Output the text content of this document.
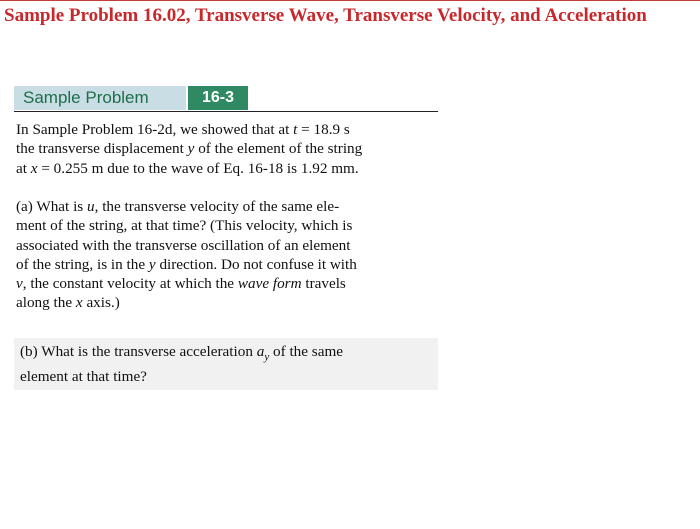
Sample Problem 16.02, Transverse Wave, Transverse Velocity, and Acceleration
Sample Problem	16-3
In Sample Problem 16-2d, we showed that at t = 18.9 s
the transverse displacement y of the element of the string
at x = 0.255 m due to the wave of Eq. 16-18 is 1.92 mm.
(a) What is u, the transverse velocity of the same ele-
ment of the string, at that time? (This velocity, which is
associated with the transverse oscillation of an element
of the string, is in the y direction. Do not confuse it with
v, the constant velocity at which the wave form travels
along the x axis.)
(b) What is the transverse acceleration $a_y$ of the same
element at that time?
